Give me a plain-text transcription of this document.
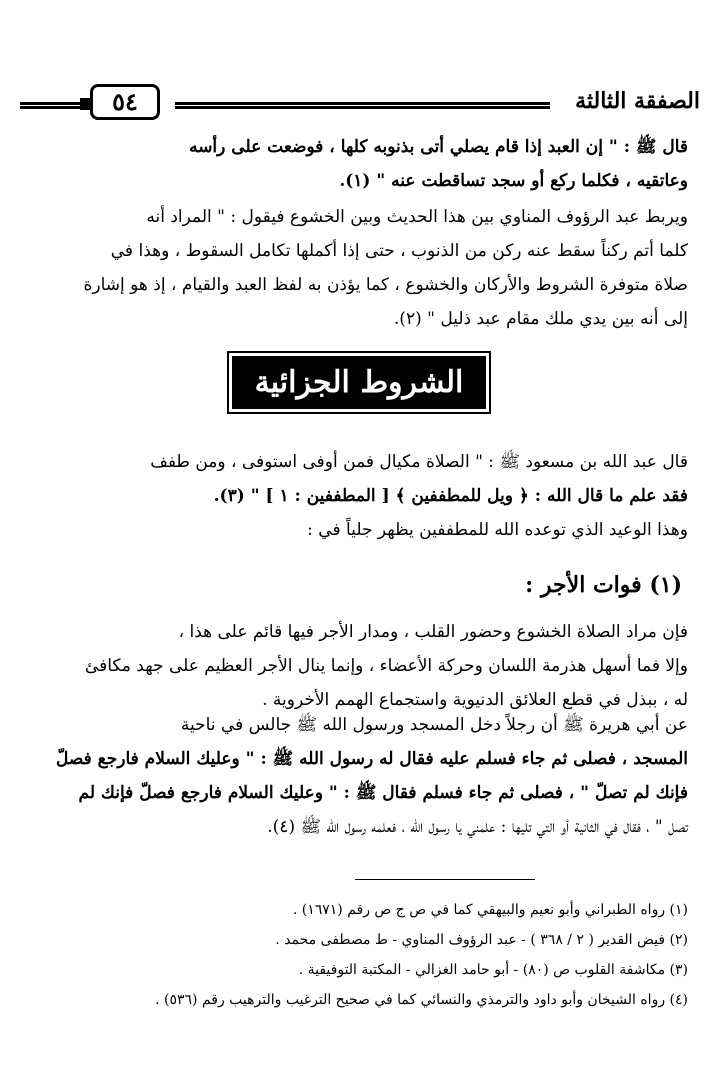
٥٤	الصفقة الثالثة

قال ﷺ : " إن العبد إذا قام يصلي أتى بذنوبه كلها ، فوضعت على رأسه

وعاتقيه ، فكلما ركع أو سجد تساقطت عنه " (١).

ويربط عبد الرؤوف المناوي بين هذا الحديث وبين الخشوع فيقول : " المراد أنه

كلما أتم ركناً سقط عنه ركن من الذنوب ، حتى إذا أكملها تكامل السقوط ، وهذا في

صلاة متوفرة الشروط والأركان والخشوع ، كما يؤذن به لفظ العبد والقيام ، إذ هو إشارة

إلى أنه بين يدي ملك مقام عبد ذليل " (٢).

الشروط الجزائية

قال عبد الله بن مسعود ﷺ : " الصلاة مكيال فمن أوفى استوفى ، ومن طفف

فقد علم ما قال الله : ﴿ ويل للمطففين ﴾ [ المطففين : ١ ] " (٣).

وهذا الوعيد الذي توعده الله للمطففين يظهر جلياً في :

(١) فوات الأجر :

فإن مراد الصلاة الخشوع وحضور القلب ، ومدار الأجر فيها قائم على هذا ،

وإلا فما أسهل هذرمة اللسان وحركة الأعضاء ، وإنما ينال الأجر العظيم على جهد مكافئ

له ، ببذل في قطع العلائق الدنيوية واستجماع الهمم الأخروية .

عن أبي هريرة ﷺ أن رجلاً دخل المسجد ورسول الله ﷺ جالس في ناحية

المسجد ، فصلى ثم جاء فسلم عليه فقال له رسول الله ﷺ : " وعليك السلام فارجع فصلّ

فإنك لم تصلّ " ، فصلى ثم جاء فسلم فقال ﷺ : " وعليك السلام فارجع فصلّ فإنك لم

تصل " ، فقال في الثانية أو التي تليها : علمني يا رسول الله ، فعلمه رسول الله ﷺ (٤).

(١) رواه الطبراني وأبو نعيم والبيهقي كما في ص ج ص رقم (١٦٧١) .
(٢) فيض القدير ( ٢ / ٣٦٨ ) - عبد الرؤوف المناوي - ط مصطفى محمد .
(٣) مكاشفة القلوب ص (٨٠) - أبو حامد الغزالي - المكتبة التوفيقية .
(٤) رواه الشيخان وأبو داود والترمذي والنسائي كما في صحيح الترغيب والترهيب رقم (٥٣٦) .
